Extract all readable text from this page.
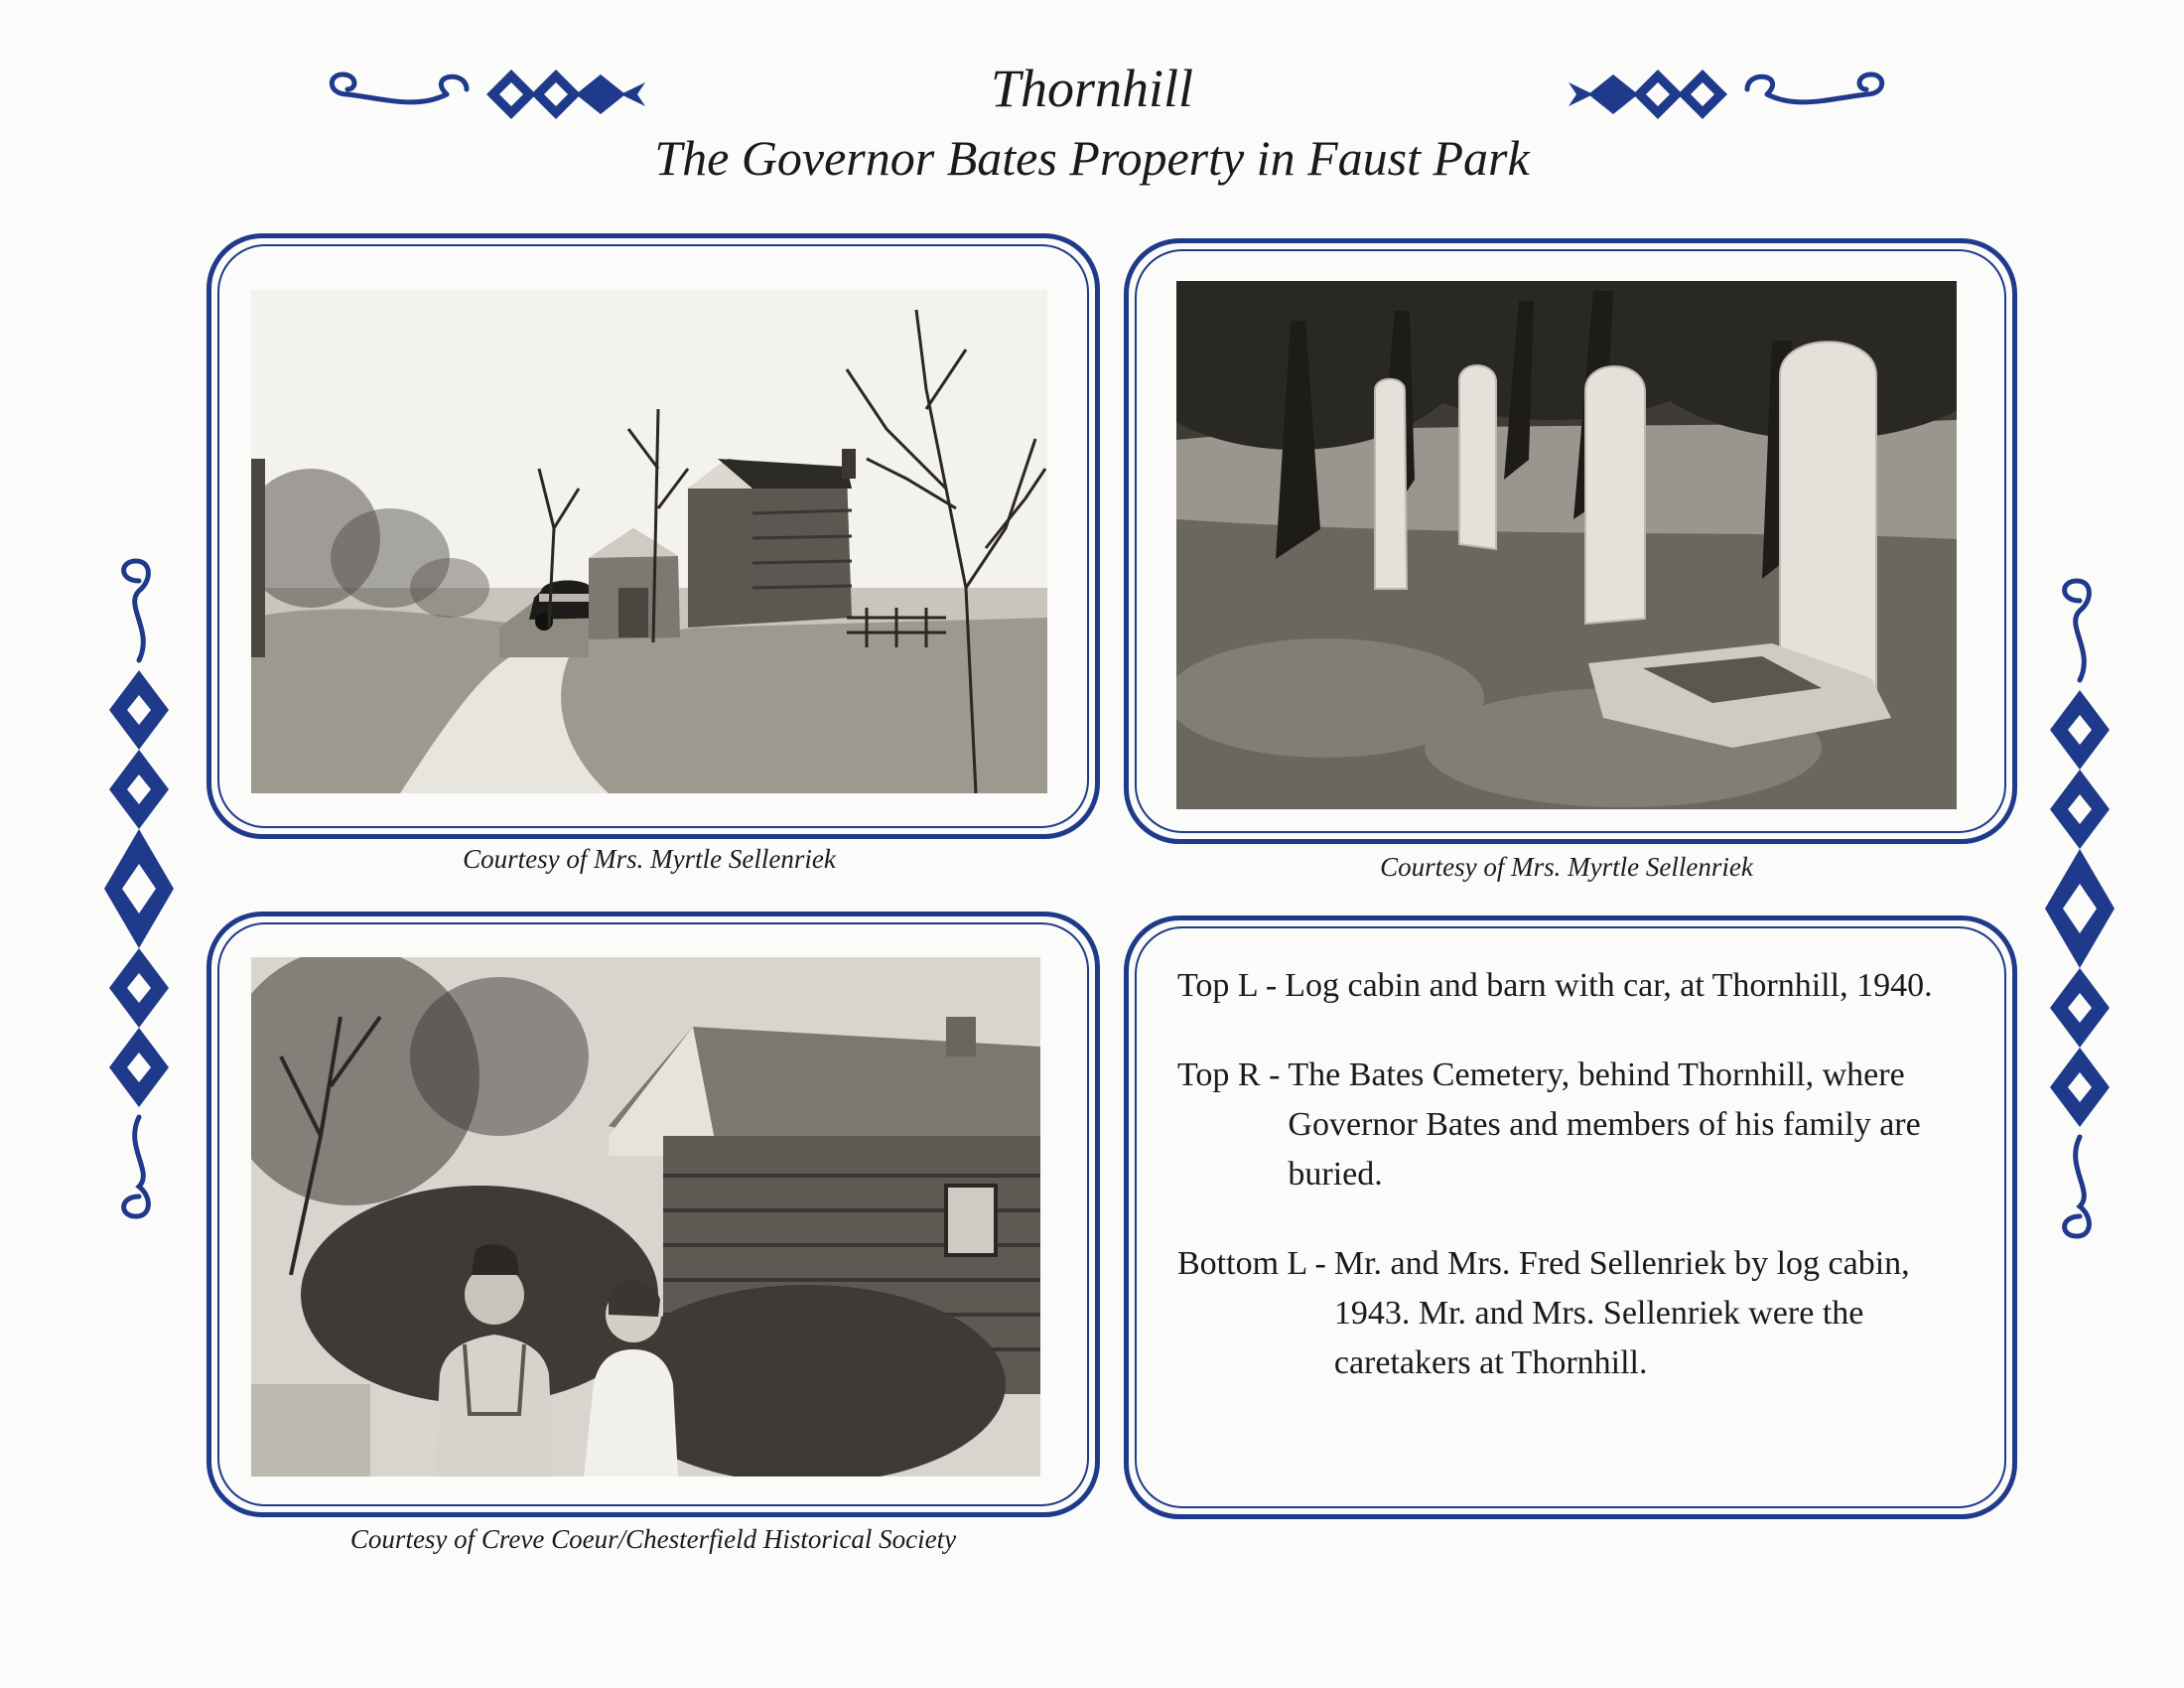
Thornhill
The Governor Bates Property in Faust Park

Courtesy of Mrs. Myrtle Sellenriek	Courtesy of Mrs. Myrtle Sellenriek

Courtesy of Creve Coeur/Chesterfield Historical Society

Top L - Log cabin and barn with car, at Thornhill, 1940.
Top R - The Bates Cemetery, behind Thornhill, where Governor Bates and members of his family are buried.
Bottom L - Mr. and Mrs. Fred Sellenriek by log cabin, 1943. Mr. and Mrs. Sellenriek were the caretakers at Thornhill.
